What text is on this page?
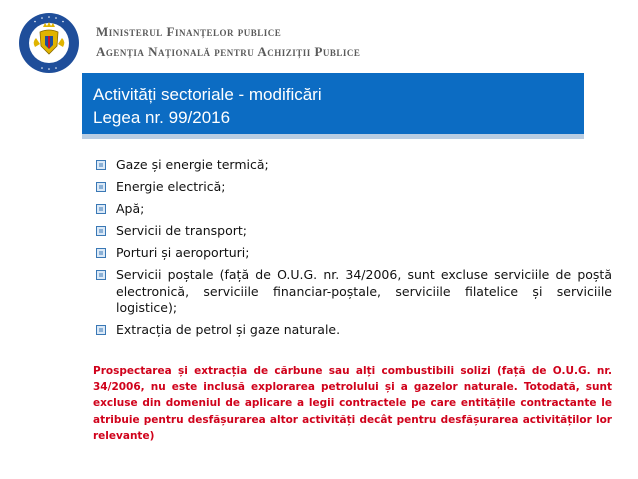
Ministerul Finanțelor publice
Agenția Națională pentru Achiziții Publice
Activități sectoriale - modificări
Legea nr. 99/2016
Gaze și energie termică;
Energie electrică;
Apă;
Servicii de transport;
Porturi și aeroporturi;
Servicii poștale (față de O.U.G. nr. 34/2006, sunt excluse serviciile de poștă electronică, serviciile financiar-poștale, serviciile filatelice și serviciile logistice);
Extracția de petrol și gaze naturale.
Prospectarea și extracția de cărbune sau alți combustibili solizi (față de O.U.G. nr. 34/2006, nu este inclusă explorarea petrolului și a gazelor naturale. Totodată, sunt excluse din domeniul de aplicare a legii contractele pe care entitățile contractante le atribuie pentru desfășurarea altor activități decât pentru desfășurarea activităților lor relevante)
